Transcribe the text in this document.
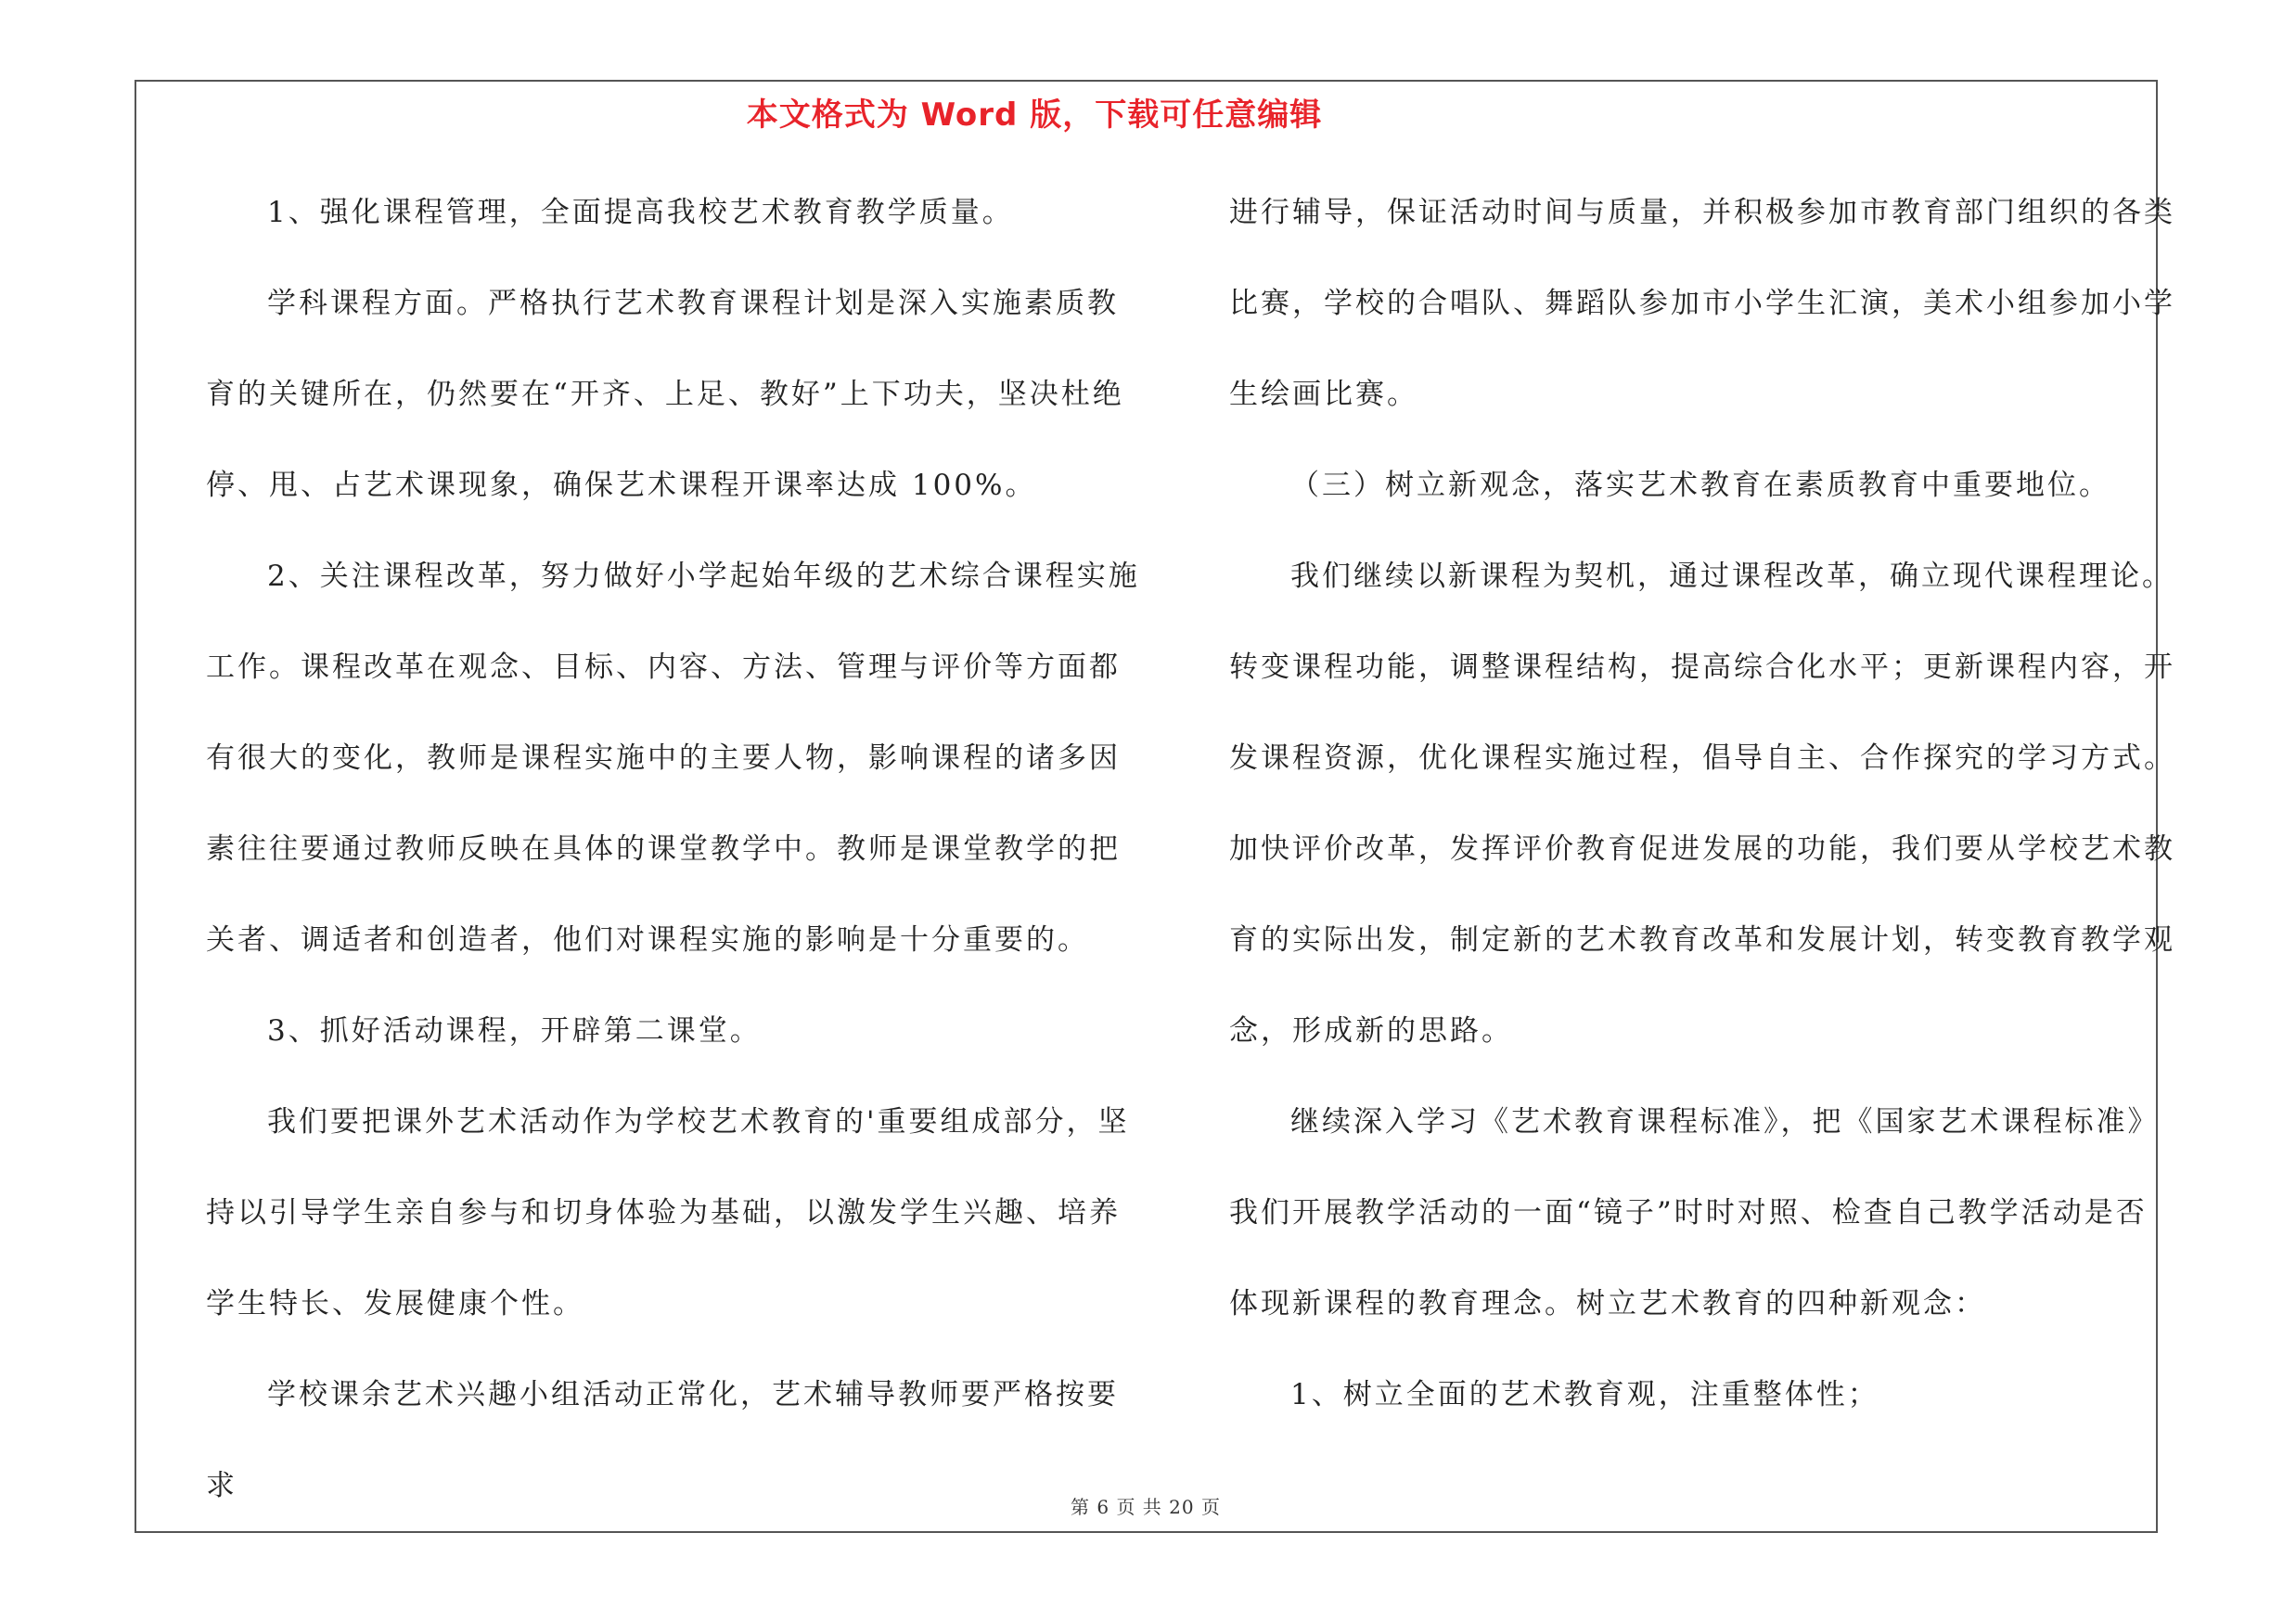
本文格式为 Word 版，下载可任意编辑

1、强化课程管理，全面提高我校艺术教育教学质量。

学科课程方面。严格执行艺术教育课程计划是深入实施素质教育的关键所在，仍然要在“开齐、上足、教好”上下功夫，坚决杜绝停、甩、占艺术课现象，确保艺术课程开课率达成 100%。

2、关注课程改革，努力做好小学起始年级的艺术综合课程实施工作。课程改革在观念、目标、内容、方法、管理与评价等方面都有很大的变化，教师是课程实施中的主要人物，影响课程的诸多因素往往要通过教师反映在具体的课堂教学中。教师是课堂教学的把关者、调适者和创造者，他们对课程实施的影响是十分重要的。

3、抓好活动课程，开辟第二课堂。

我们要把课外艺术活动作为学校艺术教育的'重要组成部分，坚持以引导学生亲自参与和切身体验为基础，以激发学生兴趣、培养学生特长、发展健康个性。

学校课余艺术兴趣小组活动正常化，艺术辅导教师要严格按要求

进行辅导，保证活动时间与质量，并积极参加市教育部门组织的各类比赛，学校的合唱队、舞蹈队参加市小学生汇演，美术小组参加小学生绘画比赛。

（三）树立新观念，落实艺术教育在素质教育中重要地位。

我们继续以新课程为契机，通过课程改革，确立现代课程理论。转变课程功能，调整课程结构，提高综合化水平；更新课程内容，开发课程资源，优化课程实施过程，倡导自主、合作探究的学习方式。加快评价改革，发挥评价教育促进发展的功能，我们要从学校艺术教育的实际出发，制定新的艺术教育改革和发展计划，转变教育教学观念，形成新的思路。

继续深入学习《艺术教育课程标准》，把《国家艺术课程标准》我们开展教学活动的一面“镜子”时时对照、检查自己教学活动是否体现新课程的教育理念。树立艺术教育的四种新观念：

1、树立全面的艺术教育观，注重整体性；

第 6 页 共 20 页
